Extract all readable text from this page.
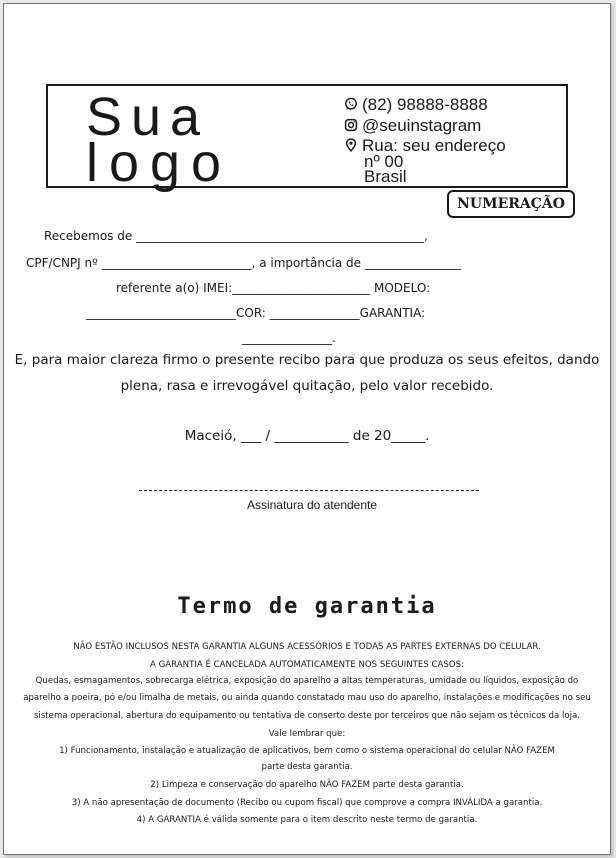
Sua
logo
(82) 98888-8888
@seuinstagram
Rua: seu endereço
nº 00
Brasil
NUMERAÇÃO
Recebemos de ________________________________________________,
CPF/CNPJ nº _________________________, a importância de ________________
referente a(o) IMEI:_______________________ MODELO:
_________________________COR: _______________GARANTIA:
_______________.
E, para maior clareza firmo o presente recibo para que produza os seus efeitos, dando
plena, rasa e irrevogável quitação, pelo valor recebido.
Maceió, ___ / ___________ de 20_____.
Assinatura do atendente
Termo de garantia
NÃO ESTÃO INCLUSOS NESTA GARANTIA ALGUNS ACESSÓRIOS E TODAS AS PARTES EXTERNAS DO CELULAR.
A GARANTIA É CANCELADA AUTOMATICAMENTE NOS SEGUINTES CASOS:
Quedas, esmagamentos, sobrecarga elétrica, exposição do aparelho a altas temperaturas, umidade ou líquidos, exposição do
aparelho a poeira, pó e/ou limalha de metais, ou ainda quando constatado mau uso do aparelho, instalações e modificações no seu
sistema operacional, abertura do equipamento ou tentativa de conserto deste por terceiros que não sejam os técnicos da loja.
Vale lembrar que:
1) Funcionamento, instalação e atualização de aplicativos, bem como o sistema operacional do celular NÃO FAZEM
parte desta garantia.
2) Limpeza e conservação do aparelho NÃO FAZEM parte desta garantia.
3) A não apresentação de documento (Recibo ou cupom fiscal) que comprove a compra INVÁLIDA a garantia.
4) A GARANTIA é válida somente para o item descrito neste termo de garantia.
